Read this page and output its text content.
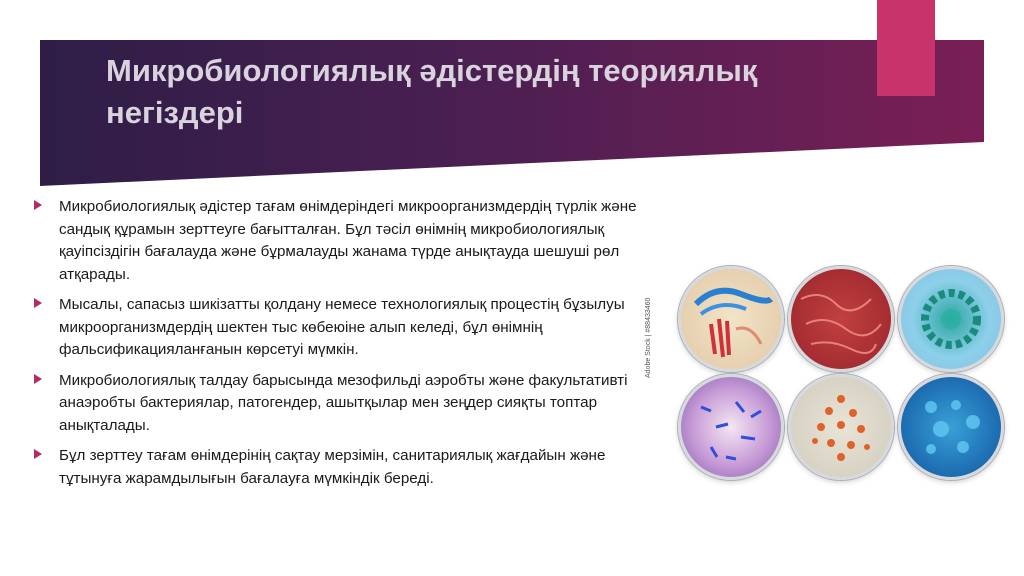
Микробиологиялық әдістердің теориялық негіздері
Микробиологиялық әдістер тағам өнімдеріндегі микроорганизмдердің түрлік және сандық құрамын зерттеуге бағытталған. Бұл тәсіл өнімнің микробиологиялық қауіпсіздігін бағалауда және бұрмалауды жанама түрде анықтауда шешуші рөл атқарады.
Мысалы, сапасыз шикізатты қолдану немесе технологиялық процестің бұзылуы микроорганизмдердің шектен тыс көбеюіне алып келеді, бұл өнімнің фальсификацияланғанын көрсетуі мүмкін.
Микробиологиялық талдау барысында мезофильді аэробты және факультативті анаэробты бактериялар, патогендер, ашытқылар мен зеңдер сияқты топтар анықталады.
Бұл зерттеу тағам өнімдерінің сақтау мерзімін, санитариялық жағдайын және тұтынуға жарамдылығын бағалауға мүмкіндік береді.
Adobe Stock | #88433460
